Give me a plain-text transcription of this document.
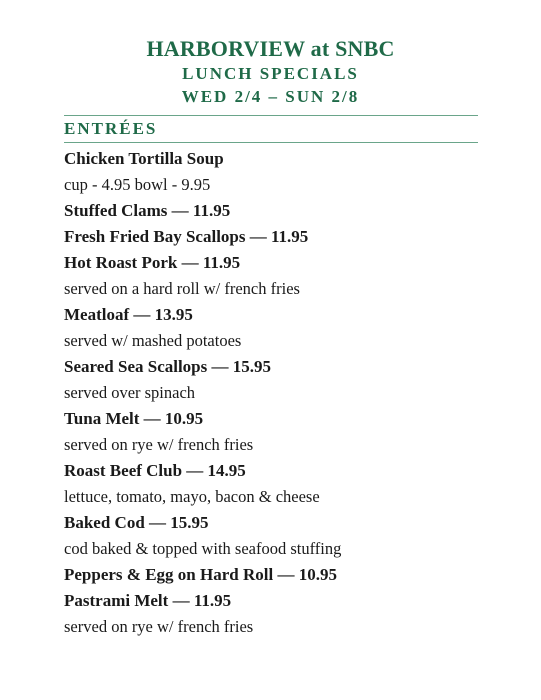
HARBORVIEW at SNBC
LUNCH SPECIALS
WED 2/4 – SUN 2/8
ENTRÉES
Chicken Tortilla Soup
cup - 4.95 bowl - 9.95
Stuffed Clams — 11.95
Fresh Fried Bay Scallops — 11.95
Hot Roast Pork — 11.95
served on a hard roll w/ french fries
Meatloaf — 13.95
served w/ mashed potatoes
Seared Sea Scallops — 15.95
served over spinach
Tuna Melt — 10.95
served on rye w/ french fries
Roast Beef Club — 14.95
lettuce, tomato, mayo, bacon & cheese
Baked Cod — 15.95
cod baked & topped with seafood stuffing
Peppers & Egg on Hard Roll — 10.95
Pastrami Melt — 11.95
served on rye w/ french fries
